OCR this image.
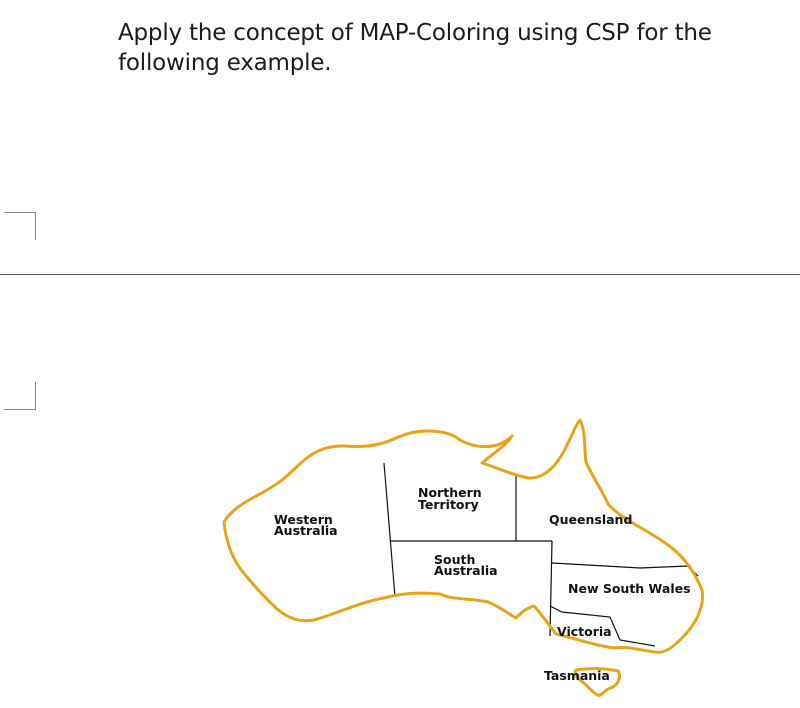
Apply the concept of MAP-Coloring using CSP for the following example.
Western Australia
Northern Territory
South Australia
Queensland
New South Wales
Victoria
Tasmania
